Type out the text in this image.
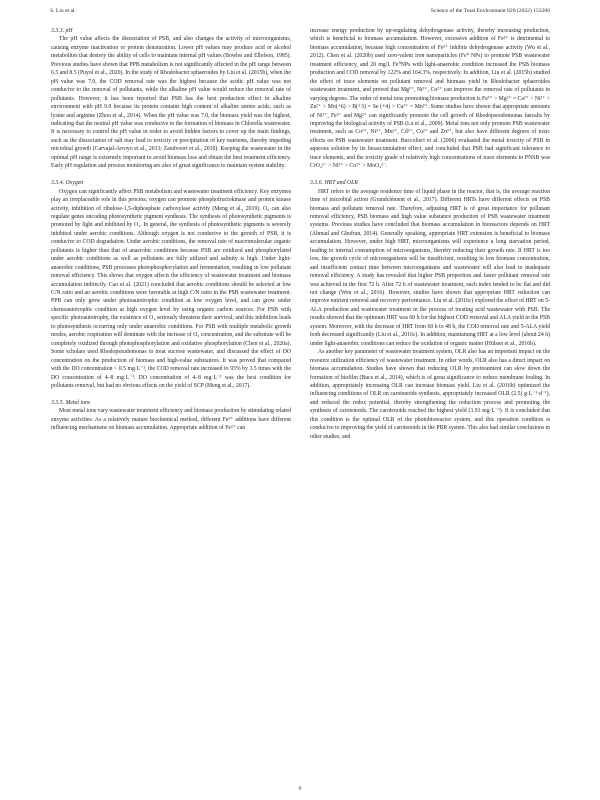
S. Liu et al.	Science of the Total Environment 820 (2022) 153200
3.3.3. pH

The pH value affects the dissociation of PSB, and also changes the activity of microorganisms, causing enzyme inactivation or protein denaturation. Lower pH values may produce acid or alcohol metabolites that destroy the ability of cells to maintain internal pH values (Bowles and Ellefson, 1985). Previous studies have shown that PPB metabolism is not significantly affected in the pH range between 6.5 and 8.5 (Puyol et al., 2020). In the study of Rhodobacter sphaeroides by Liu et al. (2015b), when the pH value was 7.0, the COD removal rate was the highest because the acidic pH value was not conducive to the removal of pollutants, while the alkaline pH value would reduce the removal rate of pollutants. However, it has been reported that PSB has the best production effect in alkaline environment with pH 9.0 because its protein contains high content of alkaline amino acids, such as lysine and arginine (Zhou et al., 2014). When the pH value was 7.0, the biomass yield was the highest, indicating that the neutral pH value was conducive to the formation of biomass in Chlorella wastewater. It is necessary to control the pH value in order to avoid hidden factors to cover up the main findings, such as the dissociation of salt may lead to toxicity or precipitation of key nutrients, thereby impeding microbial growth (Carvajal-Arroyo et al., 2013; Zandvoort et al., 2010). Keeping the wastewater in the optimal pH range is extremely important to avoid biomass loss and obtain the best treatment efficiency. Early pH regulation and process monitoring are also of great significance to maintain system stability.

3.3.4. Oxygen

Oxygen can significantly affect PSB metabolism and wastewater treatment efficiency. Key enzymes play an irreplaceable role in this process; oxygen can promote phosphofructokinase and protein kinase activity, inhibition of ribulose-1,5-diphosphate carboxylase activity (Meng et al., 2019). O₂ can also regulate genes encoding photosynthetic pigment synthesis. The synthesis of photosynthetic pigments is promoted by light and inhibited by O₂. In general, the synthesis of photosynthetic pigments is severely inhibited under aerobic conditions. Although oxygen is not conducive to the growth of PSB, it is conducive to COD degradation. Under aerobic conditions, the removal rate of macromolecular organic pollutants is higher than that of anaerobic conditions because PSB are oxidized and phosphorylated under aerobic conditions as well as pollutants are fully utilized and salinity is high. Under light-anaerobic conditions, PSB processes photophosphorylation and fermentation, resulting in low pollutant removal efficiency. This shows that oxygen affects the efficiency of wastewater treatment and biomass accumulation indirectly. Cao et al. (2021) concluded that aerobic conditions should be selected at low C/N ratio and an aerobic conditions were favorable at high C/N ratio in the PSB wastewater treatment. PPB can only grow under photoautotrophic condition at low oxygen level, and can grow under chemoautotrophic condition at high oxygen level by using organic carbon sources. For PSB with specific photoautotrophy, the existence of O₂ seriously threatens their survival, and this inhibition leads to photosynthesis occurring only under anaerobic conditions. For PSB with multiple metabolic growth modes, aerobic respiration will dominate with the increase of O₂ concentration, and the substrate will be completely oxidized through photophosphorylation and oxidative phosphorylation (Chen et al., 2020a). Some scholars used Rhodopseudomonas to treat sucrose wastewater, and discussed the effect of DO concentration on the production of biomass and high-value substances. It was proved that compared with the DO concentration < 0.5 mg·L⁻¹, the COD removal rate increased to 93% by 3.5 times with the DO concentration of 4–8 mg·L⁻¹. DO concentration of 4–8 mg·L⁻¹ was the best condition for pollutants removal, but had no obvious effects on the yield of SCP (Meng et al., 2017).

3.3.5. Metal ions

Most metal ions vary wastewater treatment efficiency and biomass production by stimulating related enzyme activities. As a relatively mature biochemical method, different Fe³⁺ additions have different influencing mechanisms on biomass accumulation. Appropriate addition of Fe²⁺ can

increase energy production by up-regulating dehydrogenase activity, thereby increasing production, which is beneficial to biomass accumulation. However, excessive addition of Fe³⁺ is detrimental to biomass accumulation, because high concentration of Fe²⁺ inhibits dehydrogenase activity (Wu et al., 2012). Chen et al. (2020b) used zero-valent iron nanoparticles (Fe⁰ NPs) to promote PSB wastewater treatment efficiency, and 20 mg/L Fe⁰NPs with light-anaerobic condition increased the PSB biomass production and COD removal by 122% and 164.3%, respectively. In addition, Liu et al. (2015b) studied the effect of trace elements on pollutant removal and biomass yield in Rhodobacter sphaeroides wastewater treatment, and proved that Mg²⁺, Ni²⁺, Co²⁺ can improve the removal rate of pollutants in varying degrees. The order of metal ions promoting biomass production is Fe³⁺ > Mg²⁺ = Ca²⁺ > Ni²⁺ > Zn²⁺ > Mo(+6) > B(+3) = Se (+4) > Cu²⁺ = Mn²⁺. Some studies have shown that appropriate amounts of Ni²⁺, Fe²⁺ and Mg²⁺ can significantly promote the cell growth of Rhodopseudomonas faecalis by improving the biological activity of PSB (Lu et al., 2009). Metal ions not only promote PSB wastewater treatment, such as Co²⁺, Ni²⁺, Mn²⁺, Cd²⁺, Cu²⁺ and Zn²⁺, but also have different degrees of toxic effects on PSB wastewater treatment. Buccolieri et al. (2006) evaluated the metal toxicity of PSB in aqueous solution by its bioaccumulation effect, and concluded that PSB had significant tolerance to trace elements, and the toxicity grade of relatively high concentrations of trace elements to PNSB was CrO₄²⁻ > Ni²⁺ > Co²⁺ > MoO₄²⁻.

3.3.6. HRT and OLR

HRT refers to the average residence time of liquid phase in the reactor, that is, the average reaction time of microbial action (Grandclément et al., 2017). Different HRTs have different effects on PSB biomass and pollutant removal rate. Therefore, adjusting HRT is of great importance for pollutant removal efficiency, PSB biomass and high value substance production of PSB wastewater treatment systems. Previous studies have concluded that biomass accumulation in bioreactors depends on HRT (Ahmad and Ghufran, 2014). Generally speaking, appropriate HRT extension is beneficial to biomass accumulation. However, under high HRT, microorganisms will experience a long starvation period, leading to internal consumption of microorganisms, thereby reducing their growth rate. If HRT is too low, the growth cycle of microorganisms will be insufficient, resulting in low biomass concentration, and insufficient contact time between microorganisms and wastewater will also lead to inadequate removal efficiency. A study has revealed that higher PSB proportion and faster pollutant removal rate was achieved in the first 72 h. After 72 h of wastewater treatment, each index tended to be flat and did not change (Wen et al., 2016). However, studies have shown that appropriate HRT reduction can improve nutrient removal and recovery performance. Liu et al. (2016c) explored the effect of HRT on 5-ALA production and wastewater treatment in the process of treating acid wastewater with PSB. The results showed that the optimum HRT was 60 h for the highest COD removal and ALA yield in the PSB system. Moreover, with the decrease of HRT from 60 h to 48 h, the COD removal rate and 5-ALA yield both decreased significantly (Liu et al., 2016c). In addition, maintaining HRT at a low level (about 24 h) under light-anaerobic conditions can reduce the oxidation of organic matter (Hülsen et al., 2016b).

As another key parameter of wastewater treatment system, OLR also has an important impact on the resource utilization efficiency of wastewater treatment. In other words, OLR also has a direct impact on biomass accumulation. Studies have shown that reducing OLR by pretreatment can slow down the formation of biofilm (Bucs et al., 2014), which is of great significance to reduce membrane fouling. In addition, appropriately increasing OLR can increase biomass yield. Liu et al. (2016b) optimized the influencing conditions of OLR on carotenoids synthesis, appropriately increased OLR (2.5) g·L⁻¹·d⁻¹), and reduced the redox potential, thereby strengthening the reduction process and promoting the synthesis of carotenoids. The carotenoids reached the highest yield (3.91 mg·L⁻¹). It is concluded that this condition is the optimal OLR of the photobioreactor system, and this operation condition is conducive to improving the yield of carotenoids in the PBR system. This also had similar conclusions in other studies, and

9
